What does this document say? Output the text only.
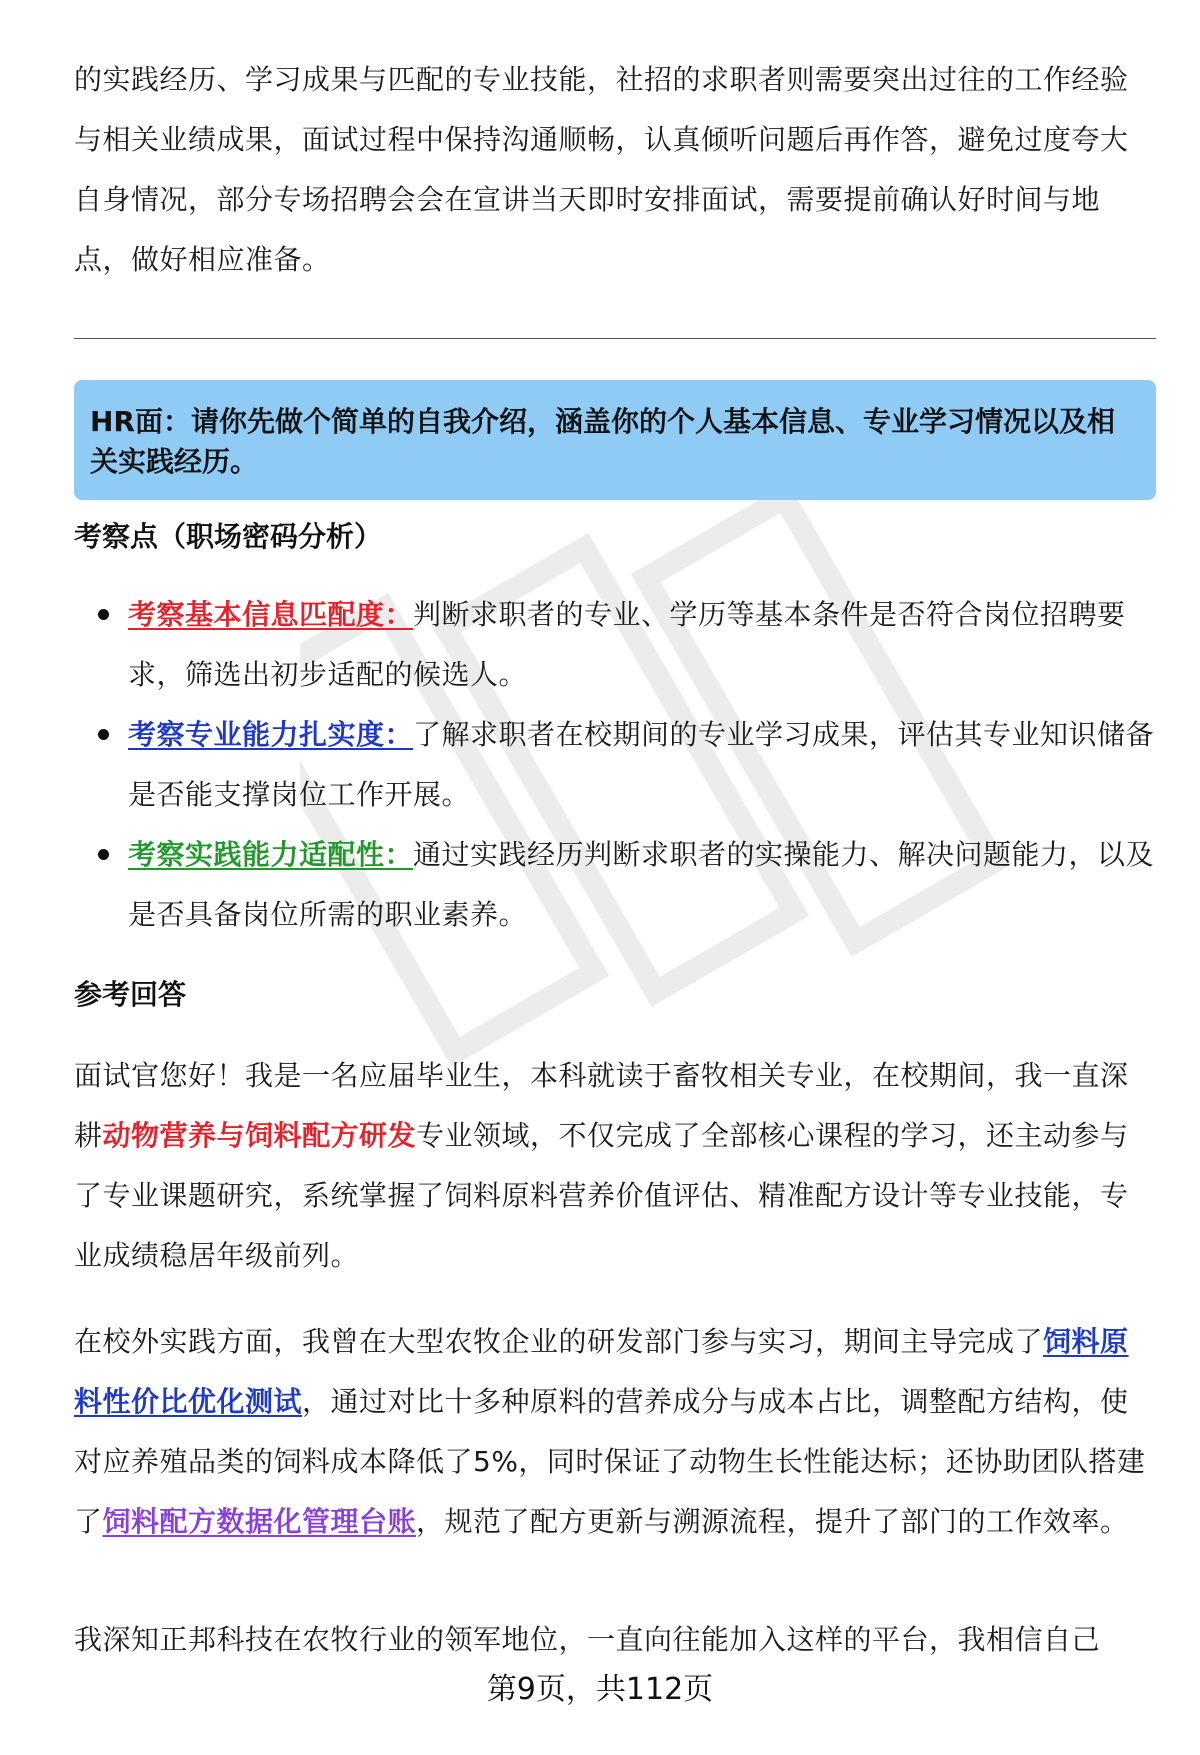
的实践经历、学习成果与匹配的专业技能，社招的求职者则需要突出过往的工作经验与相关业绩成果，面试过程中保持沟通顺畅，认真倾听问题后再作答，避免过度夸大自身情况，部分专场招聘会会在宣讲当天即时安排面试，需要提前确认好时间与地点，做好相应准备。

HR面：请你先做个简单的自我介绍，涵盖你的个人基本信息、专业学习情况以及相关实践经历。
考察点（职场密码分析）
考察基本信息匹配度：判断求职者的专业、学历等基本条件是否符合岗位招聘要求，筛选出初步适配的候选人。
考察专业能力扎实度：了解求职者在校期间的专业学习成果，评估其专业知识储备是否能支撑岗位工作开展。
考察实践能力适配性：通过实践经历判断求职者的实操能力、解决问题能力，以及是否具备岗位所需的职业素养。
参考回答

面试官您好！我是一名应届毕业生，本科就读于畜牧相关专业，在校期间，我一直深耕动物营养与饲料配方研发专业领域，不仅完成了全部核心课程的学习，还主动参与了专业课题研究，系统掌握了饲料原料营养价值评估、精准配方设计等专业技能，专业成绩稳居年级前列。

在校外实践方面，我曾在大型农牧企业的研发部门参与实习，期间主导完成了饲料原料性价比优化测试，通过对比十多种原料的营养成分与成本占比，调整配方结构，使对应养殖品类的饲料成本降低了5%，同时保证了动物生长性能达标；还协助团队搭建了饲料配方数据化管理台账，规范了配方更新与溯源流程，提升了部门的工作效率。

我深知正邦科技在农牧行业的领军地位，一直向往能加入这样的平台，我相信自己

第9页，共112页
